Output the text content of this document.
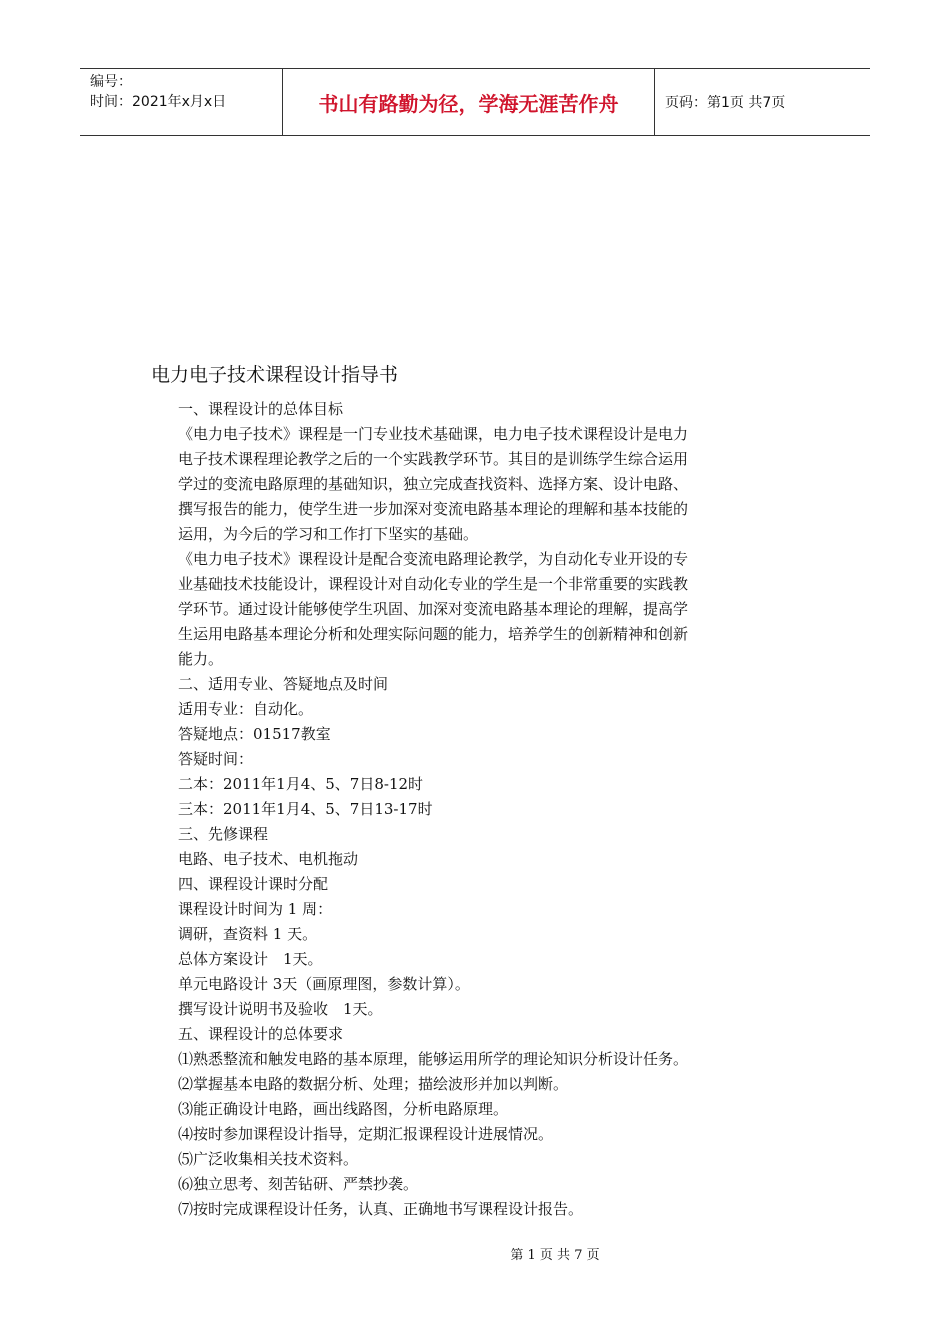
编号：
时间：2021年x月x日	书山有路勤为径，学海无涯苦作舟	页码：第1页 共7页
电力电子技术课程设计指导书

一、课程设计的总体目标

《电力电子技术》课程是一门专业技术基础课，电力电子技术课程设计是电力

电子技术课程理论教学之后的一个实践教学环节。其目的是训练学生综合运用

学过的变流电路原理的基础知识，独立完成查找资料、选择方案、设计电路、

撰写报告的能力，使学生进一步加深对变流电路基本理论的理解和基本技能的

运用，为今后的学习和工作打下坚实的基础。

《电力电子技术》课程设计是配合变流电路理论教学，为自动化专业开设的专

业基础技术技能设计，课程设计对自动化专业的学生是一个非常重要的实践教

学环节。通过设计能够使学生巩固、加深对变流电路基本理论的理解，提高学

生运用电路基本理论分析和处理实际问题的能力，培养学生的创新精神和创新

能力。

二、适用专业、答疑地点及时间

适用专业：自动化。

答疑地点：01517教室

答疑时间：

二本：2011年1月4、5、7日8-12时

三本：2011年1月4、5、7日13-17时

三、先修课程

电路、电子技术、电机拖动

四、课程设计课时分配

课程设计时间为 1 周：

调研，查资料 1 天。

总体方案设计　1天。

单元电路设计 3天（画原理图，参数计算）。

撰写设计说明书及验收　1天。

五、课程设计的总体要求

⑴熟悉整流和触发电路的基本原理，能够运用所学的理论知识分析设计任务。

⑵掌握基本电路的数据分析、处理；描绘波形并加以判断。

⑶能正确设计电路，画出线路图，分析电路原理。

⑷按时参加课程设计指导，定期汇报课程设计进展情况。

⑸广泛收集相关技术资料。

⑹独立思考、刻苦钻研、严禁抄袭。

⑺按时完成课程设计任务，认真、正确地书写课程设计报告。

第 1 页 共 7 页
